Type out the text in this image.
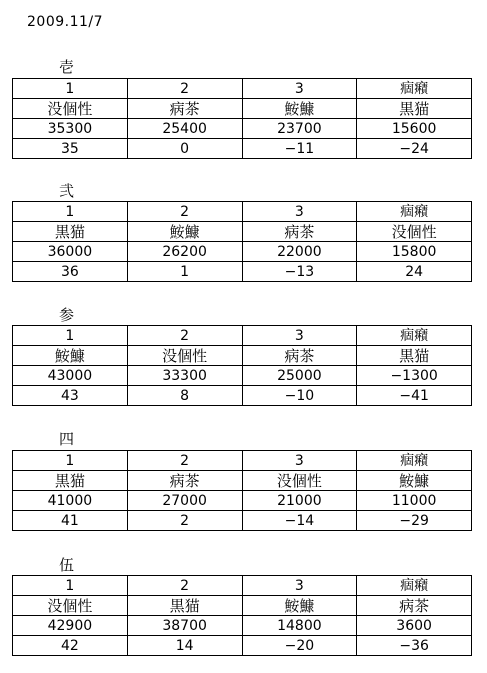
2009.11/7
壱
1	2	3	痼癪
没個性	病茶	鮟鱇	黒猫
35300	25400	23700	15600
35	0	−11	−24
弐
1	2	3	痼癪
黒猫	鮟鱇	病茶	没個性
36000	26200	22000	15800
36	1	−13	24
参
1	2	3	痼癪
鮟鱇	没個性	病茶	黒猫
43000	33300	25000	−1300
43	8	−10	−41
四
1	2	3	痼癪
黒猫	病茶	没個性	鮟鱇
41000	27000	21000	11000
41	2	−14	−29
伍
1	2	3	痼癪
没個性	黒猫	鮟鱇	病茶
42900	38700	14800	3600
42	14	−20	−36
